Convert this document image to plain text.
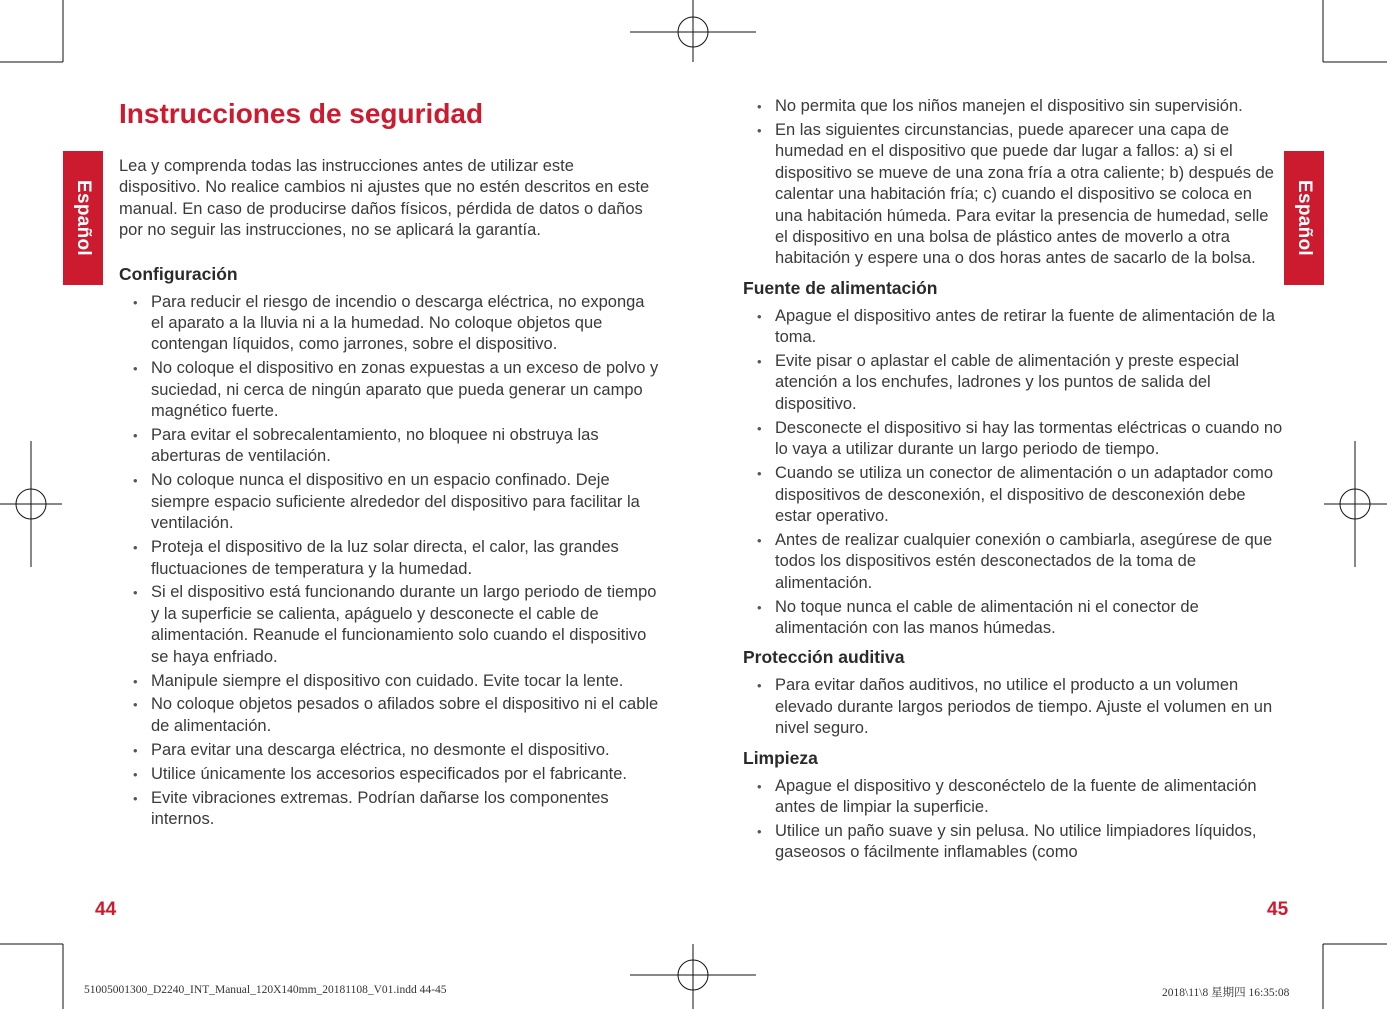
Español	Español
Instrucciones de seguridad

Lea y comprenda todas las instrucciones antes de utilizar este dispositivo. No realice cambios ni ajustes que no estén descritos en este manual. En caso de producirse daños físicos, pérdida de datos o daños por no seguir las instrucciones, no se aplicará la garantía.

Configuración
• Para reducir el riesgo de incendio o descarga eléctrica, no exponga el aparato a la lluvia ni a la humedad. No coloque objetos que contengan líquidos, como jarrones, sobre el dispositivo.
• No coloque el dispositivo en zonas expuestas a un exceso de polvo y suciedad, ni cerca de ningún aparato que pueda generar un campo magnético fuerte.
• Para evitar el sobrecalentamiento, no bloquee ni obstruya las aberturas de ventilación.
• No coloque nunca el dispositivo en un espacio confinado. Deje siempre espacio suficiente alrededor del dispositivo para facilitar la ventilación.
• Proteja el dispositivo de la luz solar directa, el calor, las grandes fluctuaciones de temperatura y la humedad.
• Si el dispositivo está funcionando durante un largo periodo de tiempo y la superficie se calienta, apáguelo y desconecte el cable de alimentación. Reanude el funcionamiento solo cuando el dispositivo se haya enfriado.
• Manipule siempre el dispositivo con cuidado. Evite tocar la lente.
• No coloque objetos pesados o afilados sobre el dispositivo ni el cable de alimentación.
• Para evitar una descarga eléctrica, no desmonte el dispositivo.
• Utilice únicamente los accesorios especificados por el fabricante.
• Evite vibraciones extremas. Podrían dañarse los componentes internos.
• No permita que los niños manejen el dispositivo sin supervisión.
• En las siguientes circunstancias, puede aparecer una capa de humedad en el dispositivo que puede dar lugar a fallos: a) si el dispositivo se mueve de una zona fría a otra caliente; b) después de calentar una habitación fría; c) cuando el dispositivo se coloca en una habitación húmeda. Para evitar la presencia de humedad, selle el dispositivo en una bolsa de plástico antes de moverlo a otra habitación y espere una o dos horas antes de sacarlo de la bolsa.
Fuente de alimentación
• Apague el dispositivo antes de retirar la fuente de alimentación de la toma.
• Evite pisar o aplastar el cable de alimentación y preste especial atención a los enchufes, ladrones y los puntos de salida del dispositivo.
• Desconecte el dispositivo si hay las tormentas eléctricas o cuando no lo vaya a utilizar durante un largo periodo de tiempo.
• Cuando se utiliza un conector de alimentación o un adaptador como dispositivos de desconexión, el dispositivo de desconexión debe estar operativo.
• Antes de realizar cualquier conexión o cambiarla, asegúrese de que todos los dispositivos estén desconectados de la toma de alimentación.
• No toque nunca el cable de alimentación ni el conector de alimentación con las manos húmedas.
Protección auditiva
• Para evitar daños auditivos, no utilice el producto a un volumen elevado durante largos periodos de tiempo. Ajuste el volumen en un nivel seguro.
Limpieza
• Apague el dispositivo y desconéctelo de la fuente de alimentación antes de limpiar la superficie.
• Utilice un paño suave y sin pelusa. No utilice limpiadores líquidos, gaseosos o fácilmente inflamables (como
44	45
51005001300_D2240_INT_Manual_120X140mm_20181108_V01.indd 44-45	2018\11\8 星期四 16:35:08
